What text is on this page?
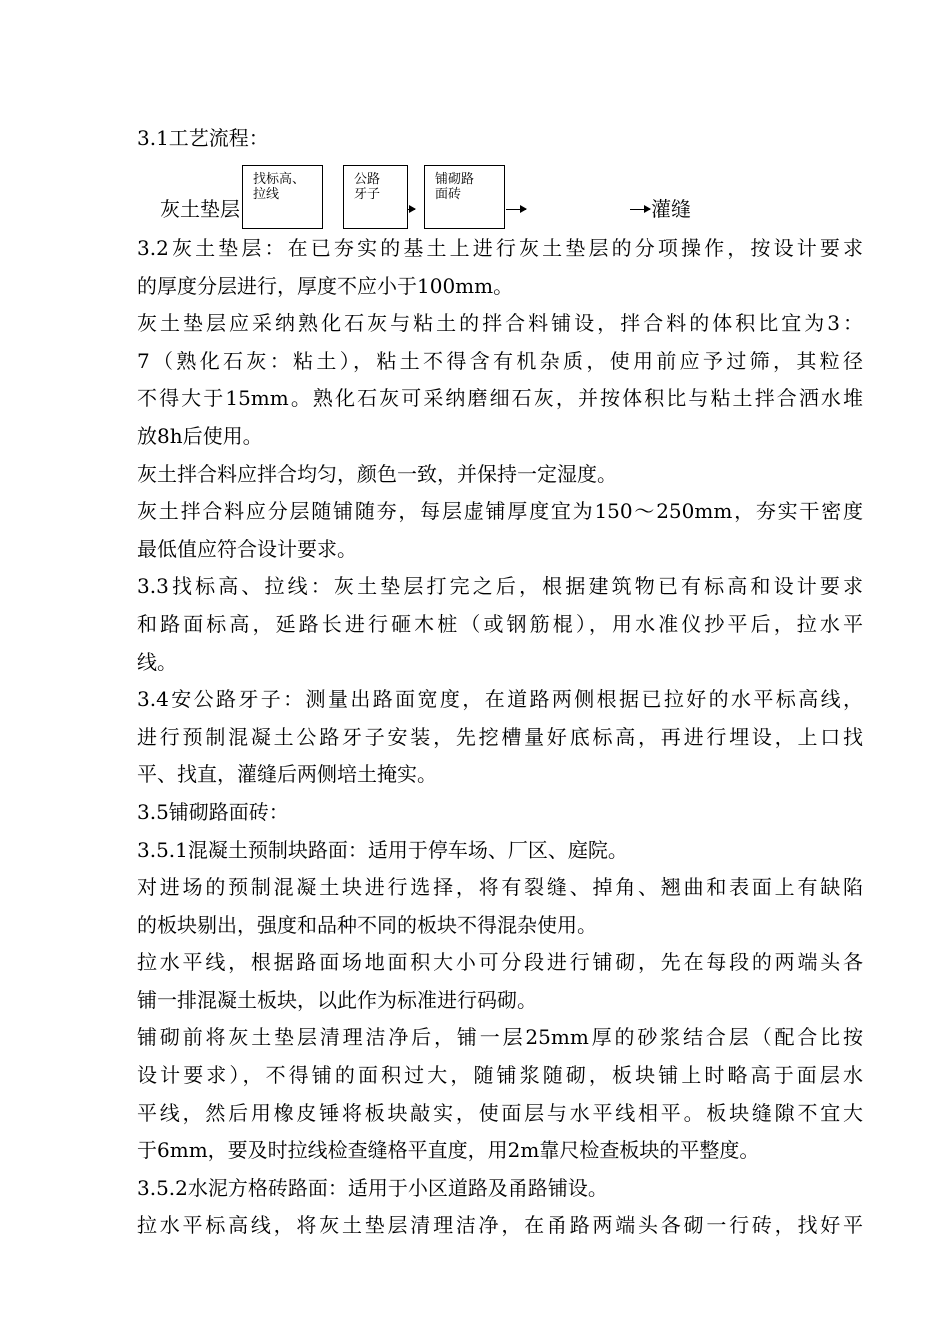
3.1工艺流程：
灰土垫层
找标高、
拉线
公路
牙子
铺砌路
面砖
灌缝
3.2灰土垫层：在已夯实的基土上进行灰土垫层的分项操作，按设计要求
的厚度分层进行，厚度不应小于100mm。
灰土垫层应采纳熟化石灰与粘土的拌合料铺设，拌合料的体积比宜为3：
7（熟化石灰：粘土），粘土不得含有机杂质，使用前应予过筛，其粒径
不得大于15mm。熟化石灰可采纳磨细石灰，并按体积比与粘土拌合洒水堆
放8h后使用。
灰土拌合料应拌合均匀，颜色一致，并保持一定湿度。
灰土拌合料应分层随铺随夯，每层虚铺厚度宜为150～250mm，夯实干密度
最低值应符合设计要求。
3.3找标高、拉线：灰土垫层打完之后，根据建筑物已有标高和设计要求
和路面标高，延路长进行砸木桩（或钢筋棍），用水准仪抄平后，拉水平
线。
3.4安公路牙子：测量出路面宽度，在道路两侧根据已拉好的水平标高线，
进行预制混凝土公路牙子安装，先挖槽量好底标高，再进行埋设，上口找
平、找直，灌缝后两侧培土掩实。
3.5铺砌路面砖：
3.5.1混凝土预制块路面：适用于停车场、厂区、庭院。
对进场的预制混凝土块进行选择，将有裂缝、掉角、翘曲和表面上有缺陷
的板块剔出，强度和品种不同的板块不得混杂使用。
拉水平线，根据路面场地面积大小可分段进行铺砌，先在每段的两端头各
铺一排混凝土板块，以此作为标准进行码砌。
铺砌前将灰土垫层清理洁净后，铺一层25mm厚的砂浆结合层（配合比按
设计要求），不得铺的面积过大，随铺浆随砌，板块铺上时略高于面层水
平线，然后用橡皮锤将板块敲实，使面层与水平线相平。板块缝隙不宜大
于6mm，要及时拉线检查缝格平直度，用2m靠尺检查板块的平整度。
3.5.2水泥方格砖路面：适用于小区道路及甬路铺设。
拉水平标高线，将灰土垫层清理洁净，在甬路两端头各砌一行砖，找好平
